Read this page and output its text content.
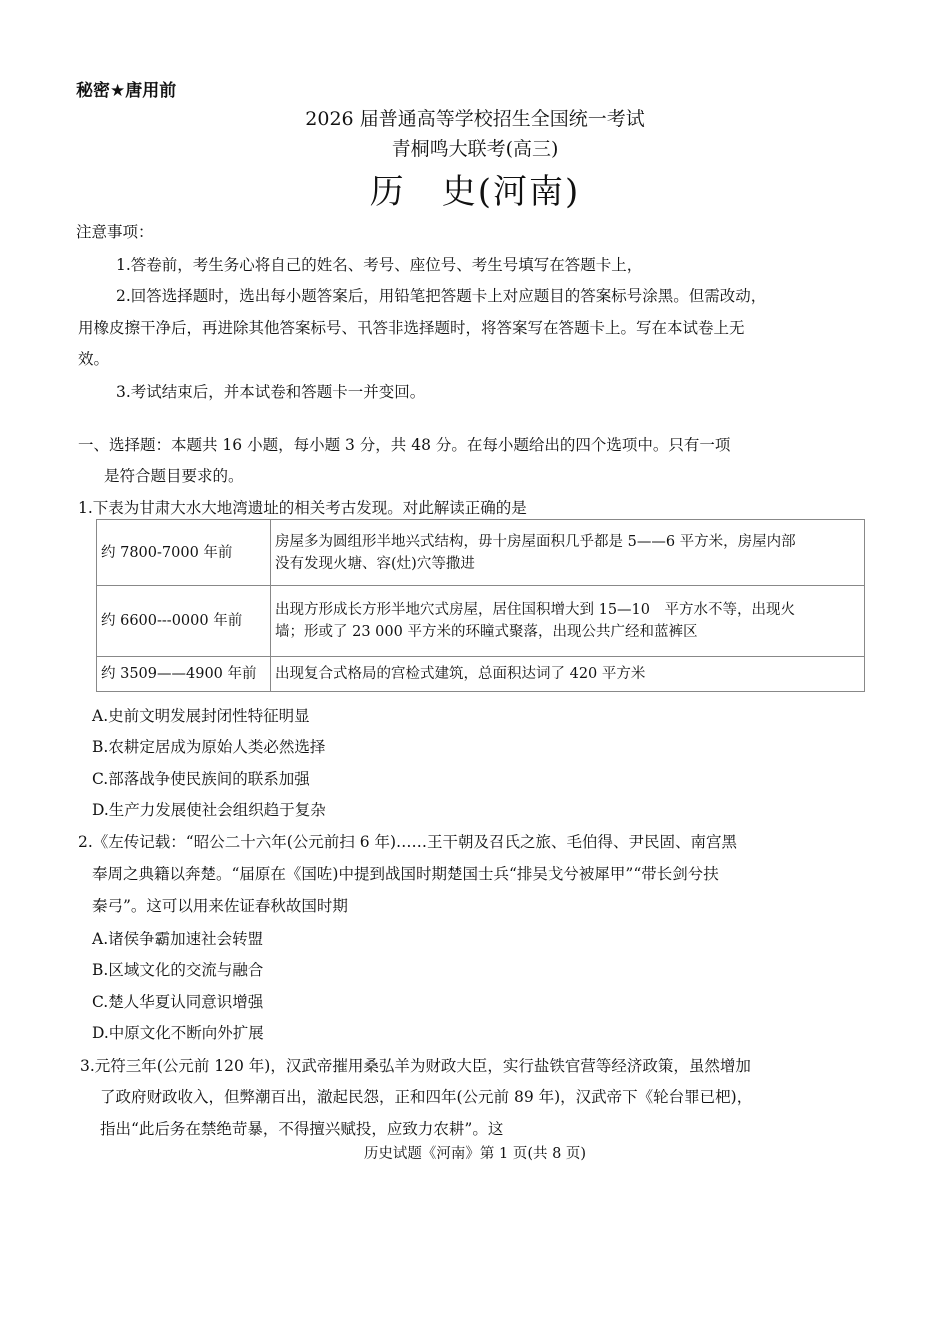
秘密★唐用前
2026 届普通高等学校招生全国统一考试
青桐鸣大联考(高三)
历　史(河南)
注意事项：
1.答卷前，考生务心将自己的姓名、考号、座位号、考生号填写在答题卡上，
2.回答选择题时，选出每小题答案后，用铅笔把答题卡上对应题目的答案标号涂黑。但需改动，
用橡皮擦干净后，再进除其他答案标号、卂答非选择题时，将答案写在答题卡上。写在本试卷上无
效。
3.考试结束后，并本试卷和答题卡一并变回。
一、选择题：本题共 16 小题，每小题 3 分，共 48 分。在每小题给出的四个选项中。只有一项
是符合题目要求的。
1.下表为甘肃大水大地湾遗址的相关考古发现。对此解读正确的是
约 7800-7000 年前	房屋多为圆组形半地兴式结构，毋十房屋面积几乎都是 5——6 平方米，房屋内部
没有发现火塘、容(灶)穴等撒进

约 6600---0000 年前	出现方形成长方形半地穴式房屋，居住国积增大到 15—10　平方水不等，出现火
墙；形或了 23 000 平方米的环瞳式聚落，出现公共广经和蓝裤区

约 3509——4900 年前	出现复合式格局的宫检式建筑，总面积达词了 420 平方米
A.史前文明发展封闭性特征明显
B.农耕定居成为原始人类必然选择
C.部落战争使民族间的联系加强
D.生产力发展使社会组织趋于复杂
2.《左传记载：“昭公二十六年(公元前扫 6 年)……王干朝及召氏之旅、毛伯得、尹民固、南宫黑
奉周之典籍以奔楚。“届原在《国咗)中提到战国时期楚国士兵“排吴戈兮被犀甲”“带长剑兮扶
秦弓”。这可以用来佐证春秋故国时期
A.诸侯争霸加速社会转盟
B.区域文化的交流与融合
C.楚人华夏认同意识增强
D.中原文化不断向外扩展
3.元符三年(公元前 120 年)，汉武帝摧用桑弘羊为财政大臣，实行盐铁官营等经济政策，虽然增加
了政府财政收入，但弊潮百出，澈起民怨，正和四年(公元前 89 年)，汉武帝下《轮台罪已杷)，
指出“此后务在禁绝苛暴，不得擅兴赋投，应致力农耕”。这
历史试题《河南》第 1 页(共 8 页)
